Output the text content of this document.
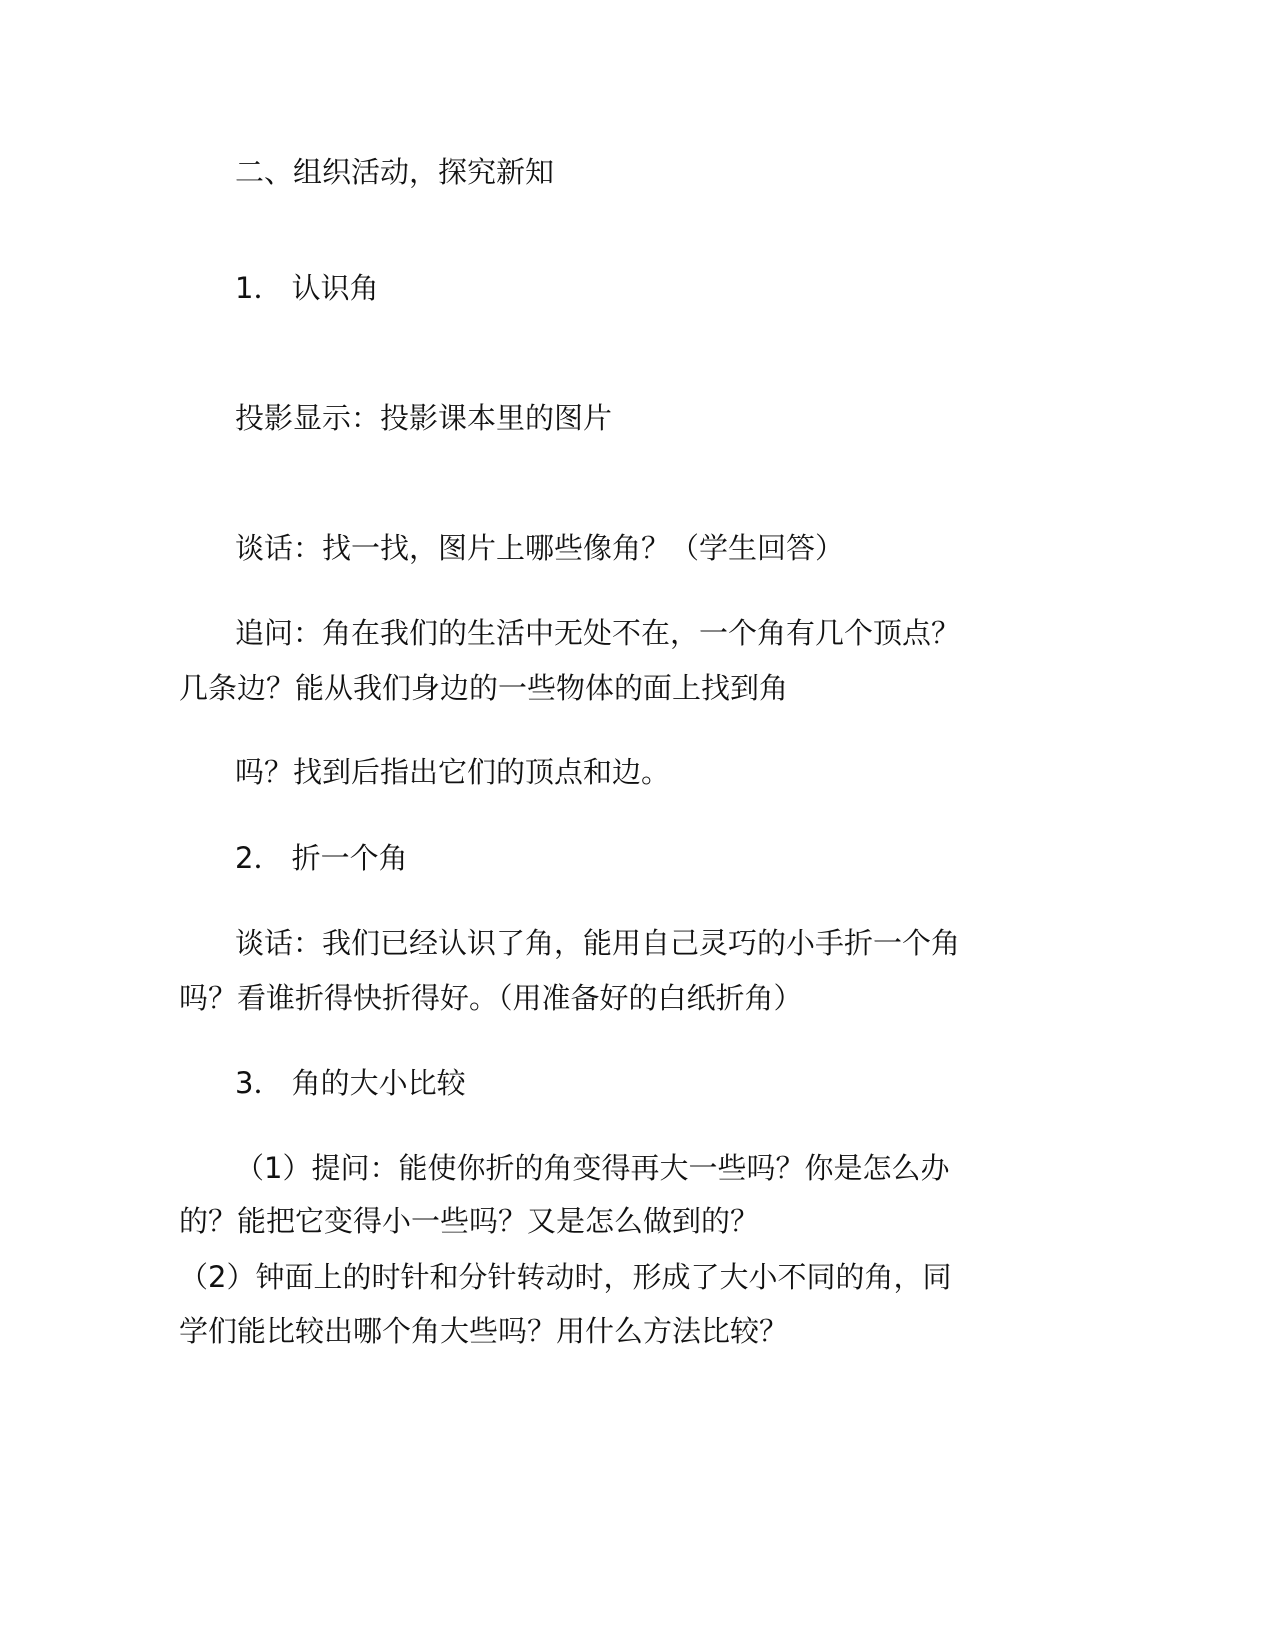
二、组织活动，探究新知
1． 认识角
投影显示：投影课本里的图片
谈话：找一找，图片上哪些像角？（学生回答）
追问：角在我们的生活中无处不在，一个角有几个顶点？
几条边？能从我们身边的一些物体的面上找到角
吗？找到后指出它们的顶点和边。
2． 折一个角
谈话：我们已经认识了角，能用自己灵巧的小手折一个角
吗？看谁折得快折得好。（用准备好的白纸折角）
3． 角的大小比较
（1）提问：能使你折的角变得再大一些吗？你是怎么办
的？能把它变得小一些吗？又是怎么做到的？
（2）钟面上的时针和分针转动时，形成了大小不同的角，同
学们能比较出哪个角大些吗？用什么方法比较？
